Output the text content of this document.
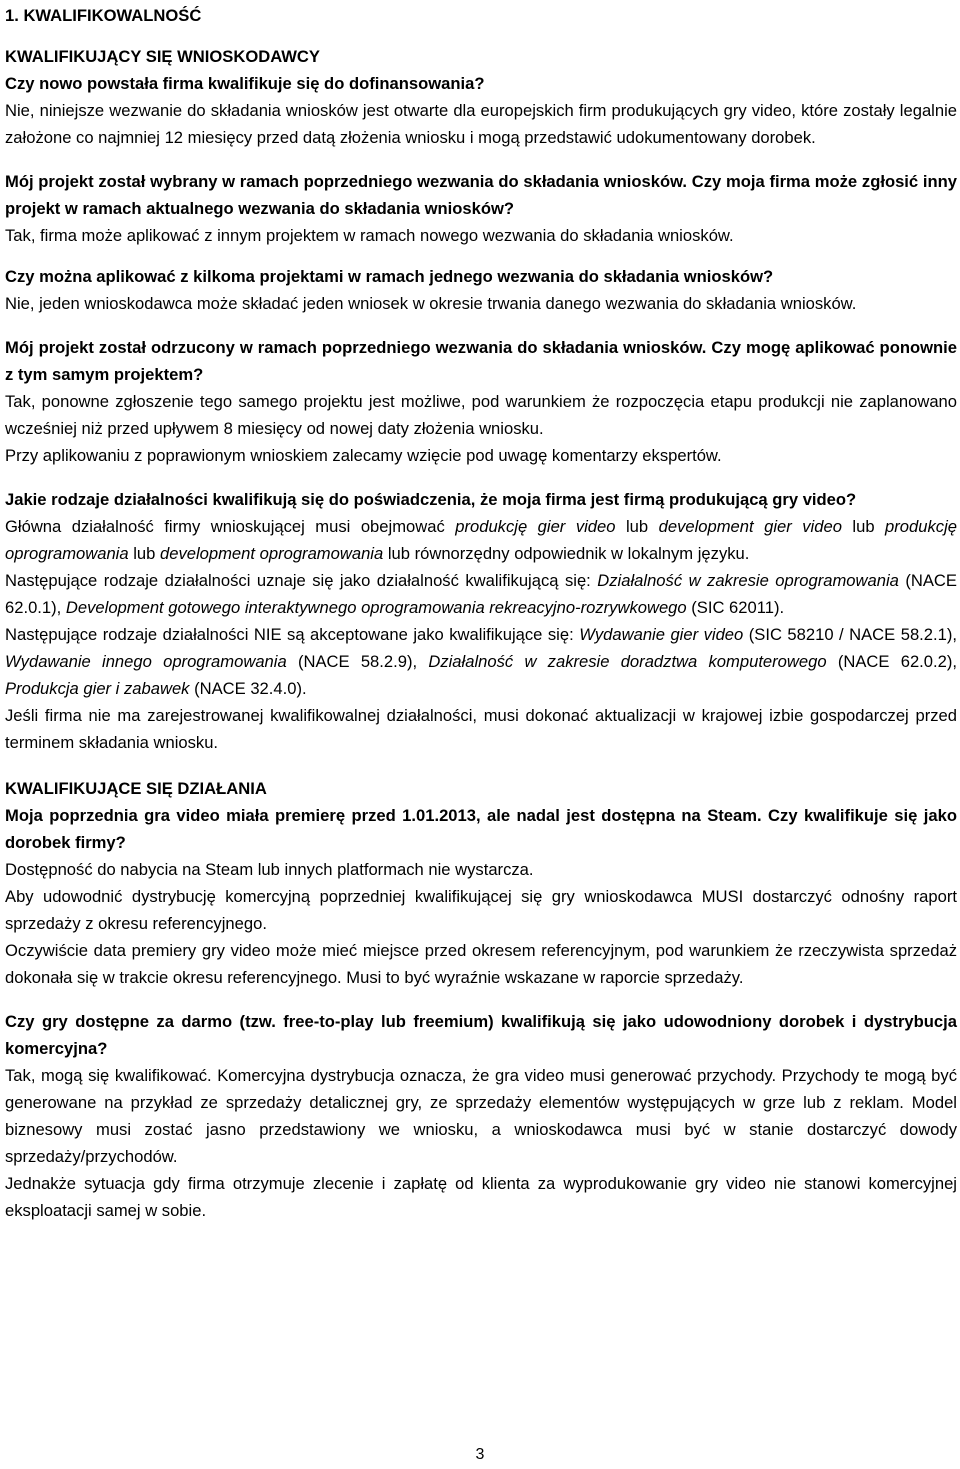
1. KWALIFIKOWALNOŚĆ

KWALIFIKUJĄCY SIĘ WNIOSKODAWCY

Czy nowo powstała firma kwalifikuje się do dofinansowania?

Nie, niniejsze wezwanie do składania wniosków jest otwarte dla europejskich firm produkujących gry video, które zostały legalnie założone co najmniej 12 miesięcy przed datą złożenia wniosku i mogą przedstawić udokumentowany dorobek.

Mój projekt został wybrany w ramach poprzedniego wezwania do składania wniosków. Czy moja firma może zgłosić inny projekt w ramach aktualnego wezwania do składania wniosków?

Tak, firma może aplikować z innym projektem w ramach nowego wezwania do składania wniosków.

Czy można aplikować z kilkoma projektami w ramach jednego wezwania do składania wniosków?

Nie, jeden wnioskodawca może składać jeden wniosek w okresie trwania danego wezwania do składania wniosków.

Mój projekt został odrzucony w ramach poprzedniego wezwania do składania wniosków. Czy mogę aplikować ponownie z tym samym projektem?

Tak, ponowne zgłoszenie tego samego projektu jest możliwe, pod warunkiem że rozpoczęcia etapu produkcji nie zaplanowano wcześniej niż przed upływem 8 miesięcy od nowej daty złożenia wniosku.

Przy aplikowaniu z poprawionym wnioskiem zalecamy wzięcie pod uwagę komentarzy ekspertów.

Jakie rodzaje działalności kwalifikują się do poświadczenia, że moja firma jest firmą produkującą gry video?

Główna działalność firmy wnioskującej musi obejmować produkcję gier video lub development gier video lub produkcję oprogramowania lub development oprogramowania lub równorzędny odpowiednik w lokalnym języku.

Następujące rodzaje działalności uznaje się jako działalność kwalifikującą się: Działalność w zakresie oprogramowania (NACE 62.0.1), Development gotowego interaktywnego oprogramowania rekreacyjno-rozrywkowego (SIC 62011).

Następujące rodzaje działalności NIE są akceptowane jako kwalifikujące się: Wydawanie gier video (SIC 58210 / NACE 58.2.1), Wydawanie innego oprogramowania (NACE 58.2.9), Działalność w zakresie doradztwa komputerowego (NACE 62.0.2), Produkcja gier i zabawek (NACE 32.4.0).

Jeśli firma nie ma zarejestrowanej kwalifikowalnej działalności, musi dokonać aktualizacji w krajowej izbie gospodarczej przed terminem składania wniosku.

KWALIFIKUJĄCE SIĘ DZIAŁANIA

Moja poprzednia gra video miała premierę przed 1.01.2013, ale nadal jest dostępna na Steam. Czy kwalifikuje się jako dorobek firmy?

Dostępność do nabycia na Steam lub innych platformach nie wystarcza.

Aby udowodnić dystrybucję komercyjną poprzedniej kwalifikującej się gry wnioskodawca MUSI dostarczyć odnośny raport sprzedaży z okresu referencyjnego.

Oczywiście data premiery gry video może mieć miejsce przed okresem referencyjnym, pod warunkiem że rzeczywista sprzedaż dokonała się w trakcie okresu referencyjnego. Musi to być wyraźnie wskazane w raporcie sprzedaży.

Czy gry dostępne za darmo (tzw. free-to-play lub freemium) kwalifikują się jako udowodniony dorobek i dystrybucja komercyjna?

Tak, mogą się kwalifikować. Komercyjna dystrybucja oznacza, że gra video musi generować przychody. Przychody te mogą być generowane na przykład ze sprzedaży detalicznej gry, ze sprzedaży elementów występujących w grze lub z reklam. Model biznesowy musi zostać jasno przedstawiony we wniosku, a wnioskodawca musi być w stanie dostarczyć dowody sprzedaży/przychodów.

Jednakże sytuacja gdy firma otrzymuje zlecenie i zapłatę od klienta za wyprodukowanie gry video nie stanowi komercyjnej eksploatacji samej w sobie.

3
